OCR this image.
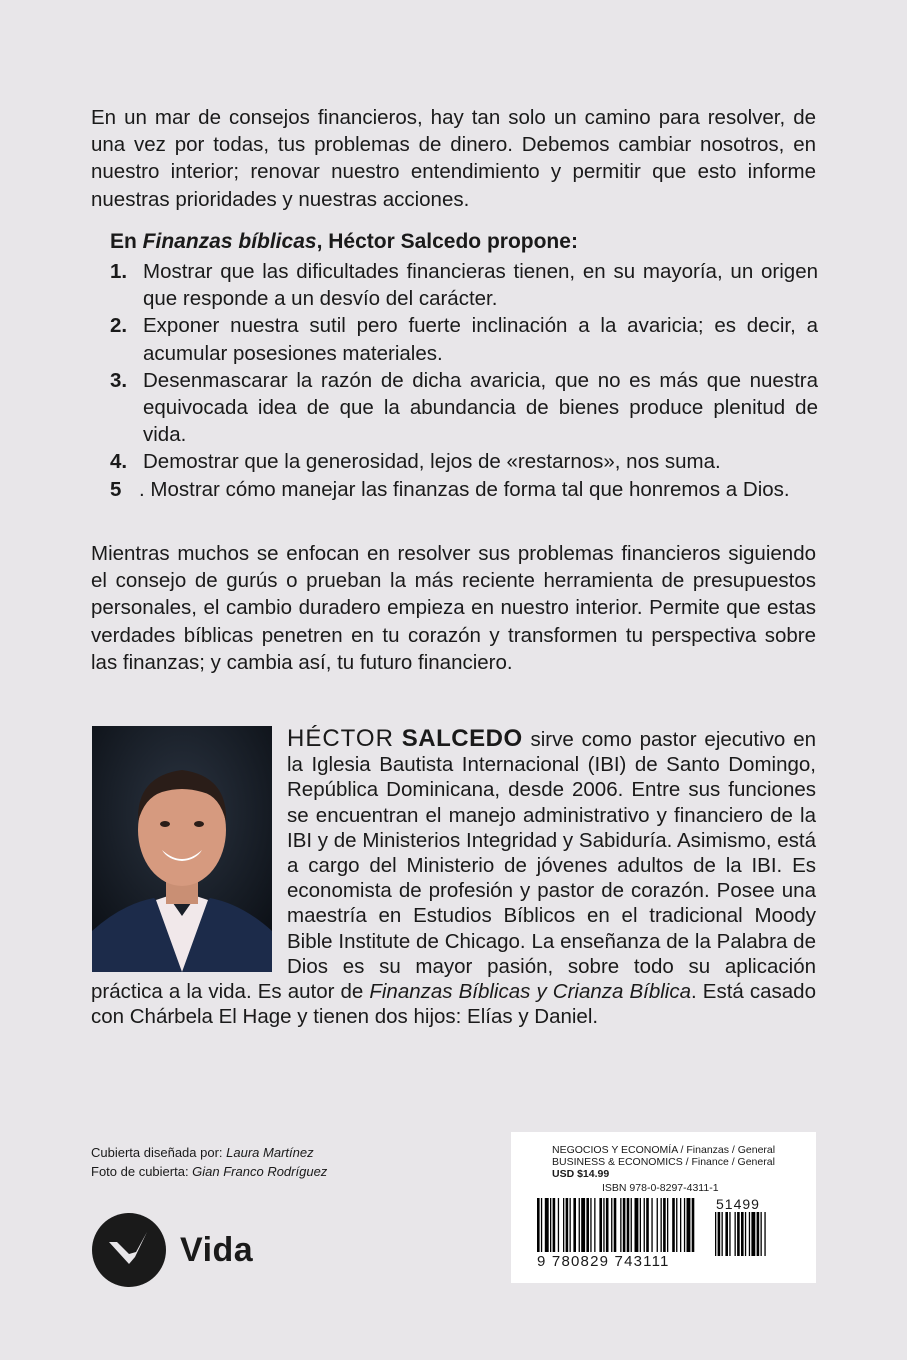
En un mar de consejos financieros, hay tan solo un camino para resolver, de una vez por todas, tus problemas de dinero. Debemos cambiar nosotros, en nuestro interior; renovar nuestro entendimiento y permitir que esto informe nuestras prioridades y nuestras acciones.

En Finanzas bíblicas, Héctor Salcedo propone:

1. Mostrar que las dificultades financieras tienen, en su mayoría, un origen que responde a un desvío del carácter.
2. Exponer nuestra sutil pero fuerte inclinación a la avaricia; es decir, a acumular posesiones materiales.
3. Desenmascarar la razón de dicha avaricia, que no es más que nuestra equivocada idea de que la abundancia de bienes produce plenitud de vida.
4. Demostrar que la generosidad, lejos de «restarnos», nos suma.
5 . Mostrar cómo manejar las finanzas de forma tal que honremos a Dios.

Mientras muchos se enfocan en resolver sus problemas financieros siguiendo el consejo de gurús o prueban la más reciente herramienta de presupuestos personales, el cambio duradero empieza en nuestro interior. Permite que estas verdades bíblicas penetren en tu corazón y transformen tu perspectiva sobre las finanzas; y cambia así, tu futuro financiero.

HÉCTOR SALCEDO sirve como pastor ejecutivo en la Iglesia Bautista Internacional (IBI) de Santo Domingo, República Dominicana, desde 2006. Entre sus funciones se encuentran el manejo administrativo y financiero de la IBI y de Ministerios Integridad y Sabiduría. Asimismo, está a cargo del Ministerio de jóvenes adultos de la IBI. Es economista de profesión y pastor de corazón. Posee una maestría en Estudios Bíblicos en el tradicional Moody Bible Institute de Chicago. La enseñanza de la Palabra de Dios es su mayor pasión, sobre todo su aplicación práctica a la vida. Es autor de Finanzas Bíblicas y Crianza Bíblica. Está casado con Chárbela El Hage y tienen dos hijos: Elías y Daniel.
Cubierta diseñada por: Laura Martínez
Foto de cubierta: Gian Franco Rodríguez
Vida
NEGOCIOS Y ECONOMÍA / Finanzas / General
BUSINESS & ECONOMICS / Finance / General
USD $14.99
ISBN 978-0-8297-4311-1
51499
9 780829 743111
